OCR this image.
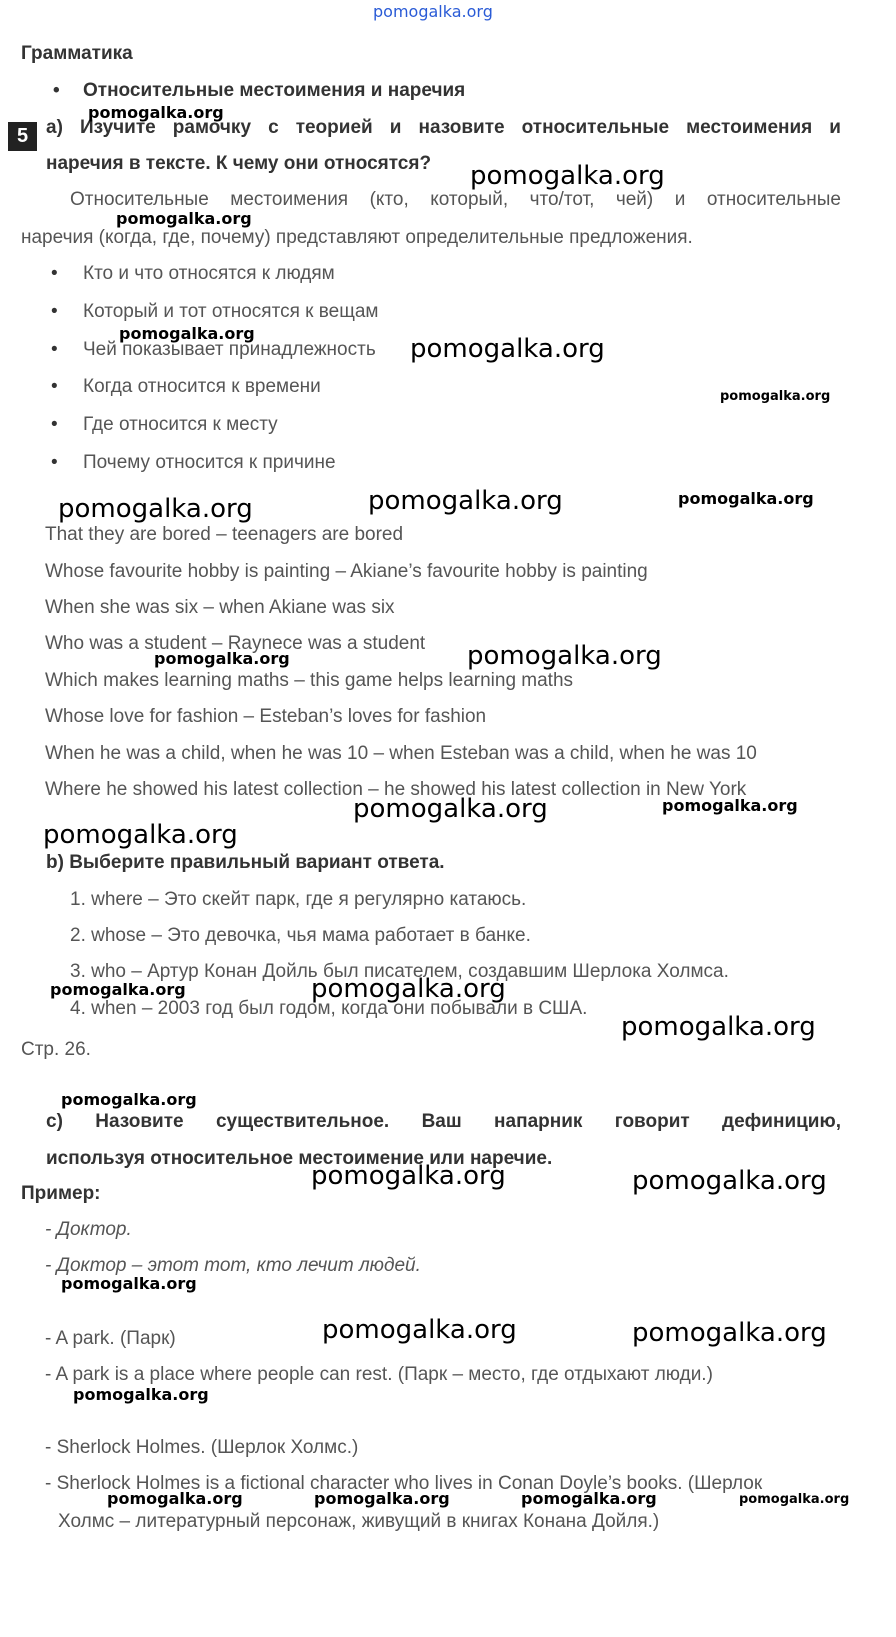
pomogalka.org
Грамматика
• Относительные местоимения и наречия
5 a) Изучите рамочку с теорией и назовите относительные местоимения и
наречия в тексте. К чему они относятся?
Относительные местоимения (кто, который, что/тот, чей) и относительные
наречия (когда, где, почему) представляют определительные предложения.
• Кто и что относятся к людям
• Который и тот относятся к вещам
• Чей показывает принадлежность
• Когда относится к времени
• Где относится к месту
• Почему относится к причине
That they are bored – teenagers are bored
Whose favourite hobby is painting – Akiane’s favourite hobby is painting
When she was six – when Akiane was six
Who was a student – Raynece was a student
Which makes learning maths – this game helps learning maths
Whose love for fashion – Esteban’s loves for fashion
When he was a child, when he was 10 – when Esteban was a child, when he was 10
Where he showed his latest collection – he showed his latest collection in New York
b) Выберите правильный вариант ответа.
1. where – Это скейт парк, где я регулярно катаюсь.
2. whose – Это девочка, чья мама работает в банке.
3. who – Артур Конан Дойль был писателем, создавшим Шерлока Холмса.
4. when – 2003 год был годом, когда они побывали в США.
Стр. 26.
c) Назовите существительное. Ваш напарник говорит дефиницию,
используя относительное местоимение или наречие.
Пример:
- Доктор.
- Доктор – этот тот, кто лечит людей.
- A park. (Парк)
- A park is a place where people can rest. (Парк – место, где отдыхают люди.)
- Sherlock Holmes. (Шерлок Холмс.)
- Sherlock Holmes is a fictional character who lives in Conan Doyle’s books. (Шерлок
Холмс – литературный персонаж, живущий в книгах Конана Дойля.)
pomogalka.org
pomogalka.org
pomogalka.org
pomogalka.org
pomogalka.org
pomogalka.org
pomogalka.org	pomogalka.org	pomogalka.org
pomogalka.org	pomogalka.org
pomogalka.org	pomogalka.org
pomogalka.org
pomogalka.org	pomogalka.org
pomogalka.org
pomogalka.org
pomogalka.org	pomogalka.org
pomogalka.org
pomogalka.org	pomogalka.org
pomogalka.org
pomogalka.org	pomogalka.org	pomogalka.org	pomogalka.org
